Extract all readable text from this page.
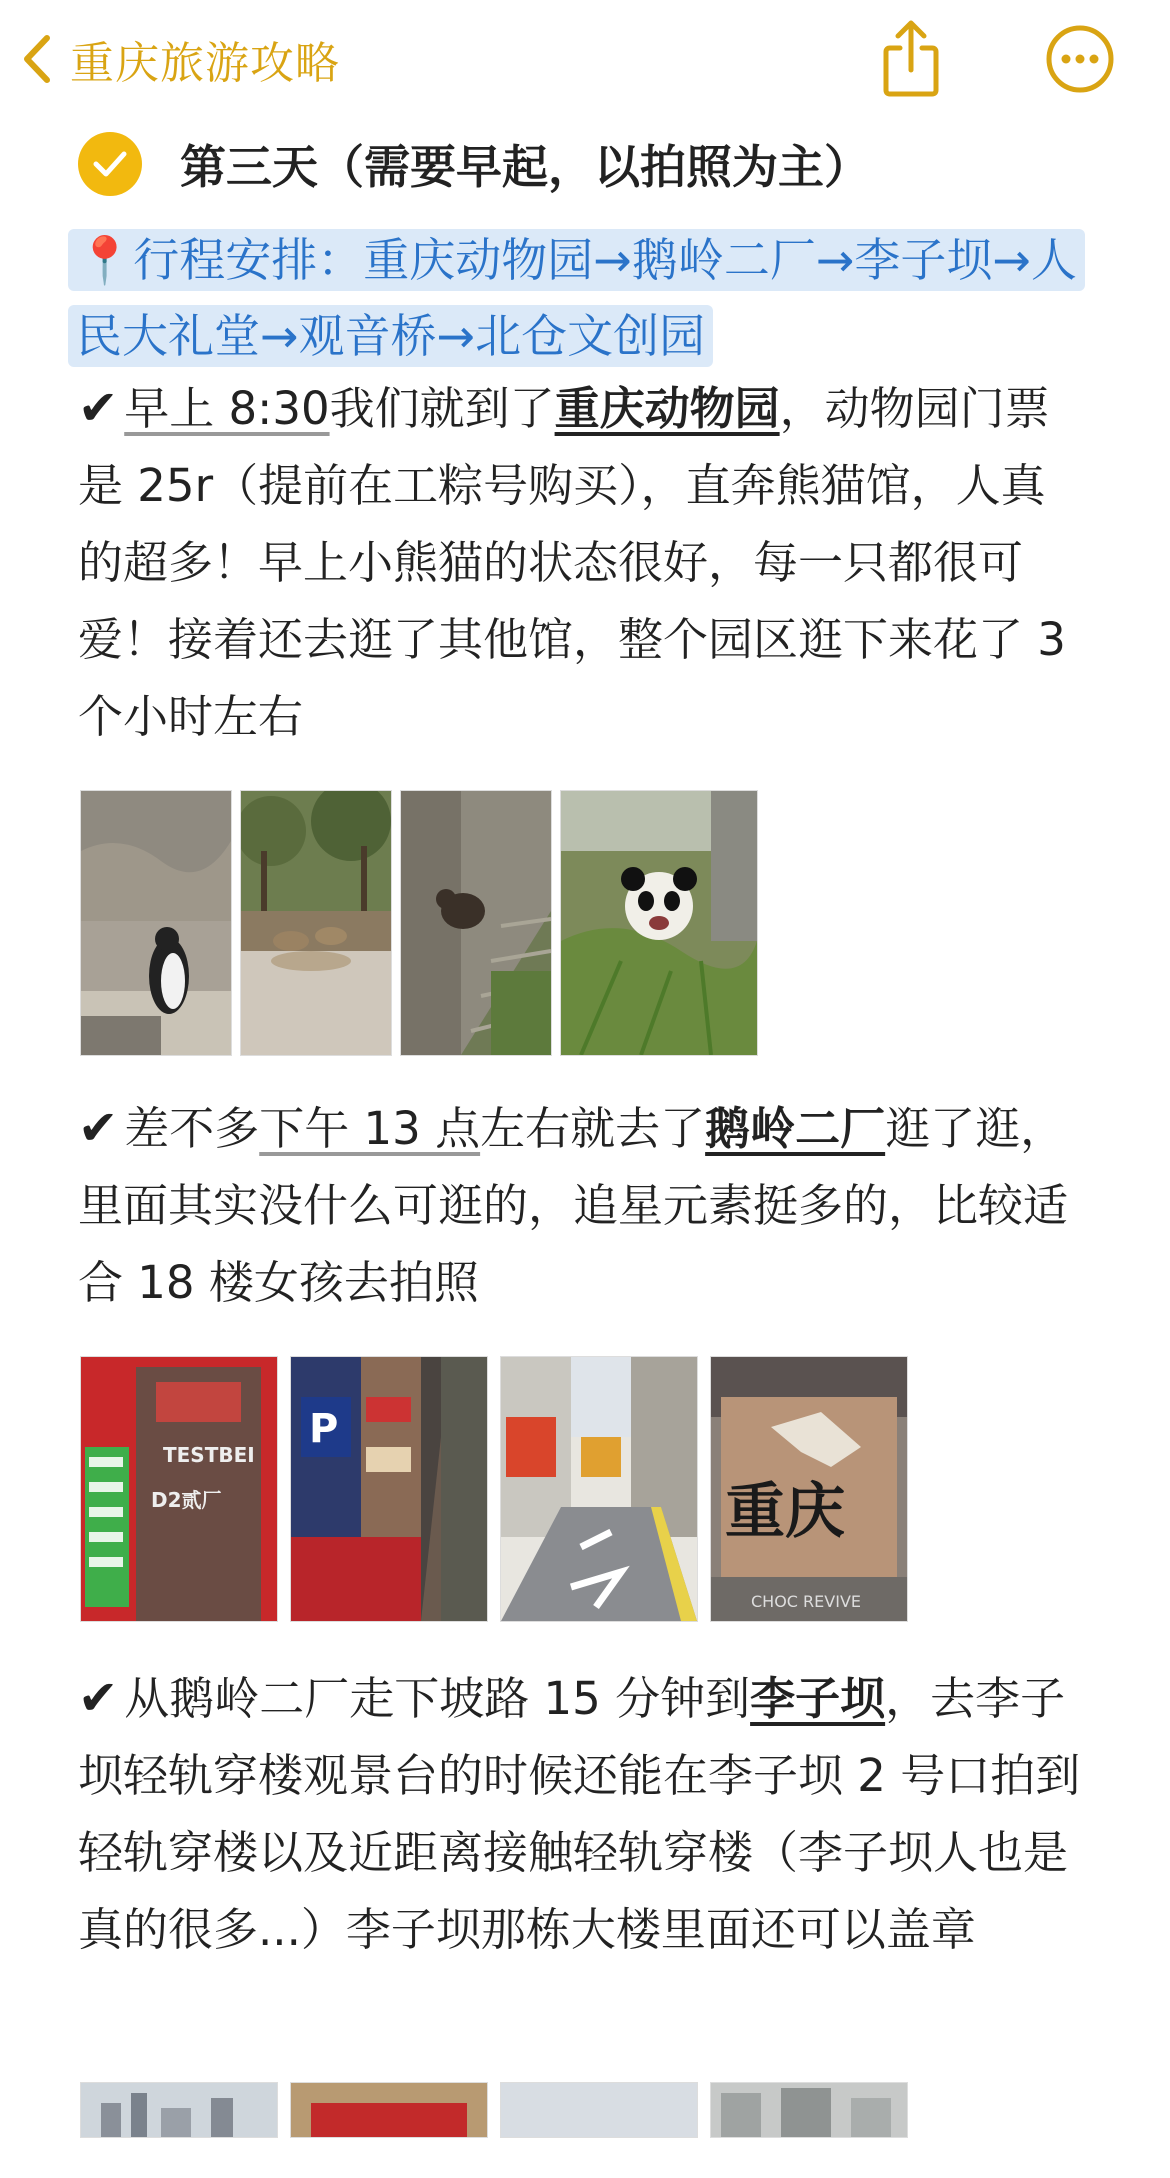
重庆旅游攻略
第三天（需要早起，以拍照为主）
📍行程安排：重庆动物园→鹅岭二厂→李子坝→人民大礼堂→观音桥→北仓文创园
✔ 早上 8:30我们就到了重庆动物园，动物园门票是 25r（提前在工粽号购买），直奔熊猫馆，人真的超多！早上小熊猫的状态很好，每一只都很可爱！接着还去逛了其他馆，整个园区逛下来花了 3个小时左右
✔ 差不多下午 13 点左右就去了鹅岭二厂逛了逛，里面其实没什么可逛的，追星元素挺多的，比较适合 18 楼女孩去拍照
TESTBEI
D2贰厂
P
重庆
CHOC REVIVE
✔ 从鹅岭二厂走下坡路 15 分钟到李子坝，去李子坝轻轨穿楼观景台的时候还能在李子坝 2 号口拍到轻轨穿楼以及近距离接触轻轨穿楼（李子坝人也是真的很多...）李子坝那栋大楼里面还可以盖章
